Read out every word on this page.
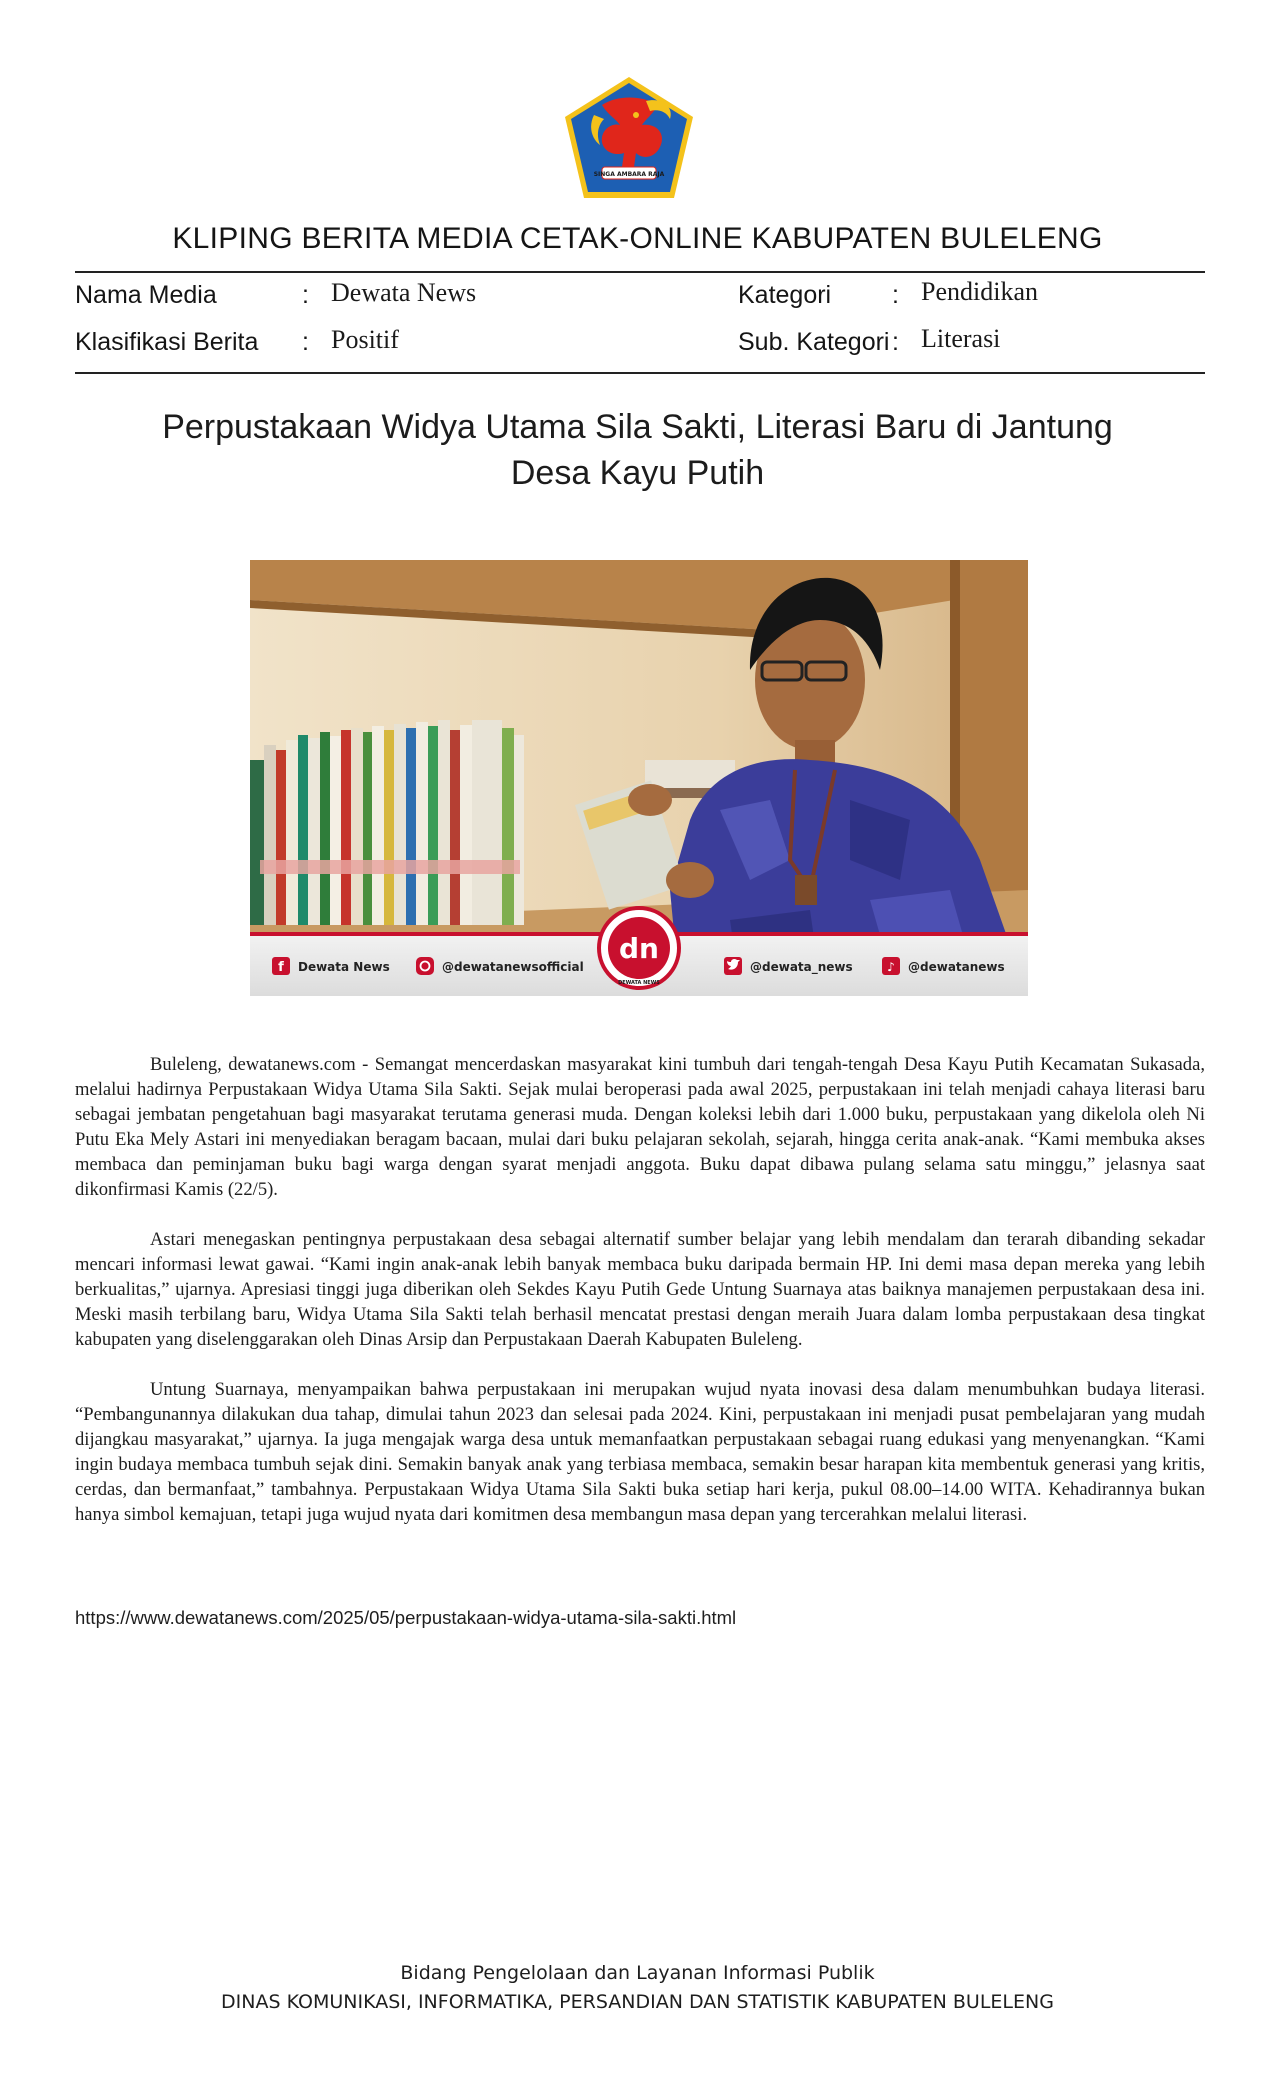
SINGA AMBARA RAJA
KLIPING BERITA MEDIA CETAK-ONLINE KABUPATEN BULELENG
Nama Media	: Dewata News	Kategori : Pendidikan
Klasifikasi Berita : Positif	Sub. Kategori : Literasi
Perpustakaan Widya Utama Sila Sakti, Literasi Baru di Jantung
Desa Kayu Putih
dn
DEWATA NEWS
f Dewata News	@dewatanewsofficial	@dewata_news	♪ @dewatanews

Buleleng, dewatanews.com - Semangat mencerdaskan masyarakat kini tumbuh dari tengah-tengah Desa Kayu Putih Kecamatan Sukasada, melalui hadirnya Perpustakaan Widya Utama Sila Sakti. Sejak mulai beroperasi pada awal 2025, perpustakaan ini telah menjadi cahaya literasi baru sebagai jembatan pengetahuan bagi masyarakat terutama generasi muda. Dengan koleksi lebih dari 1.000 buku, perpustakaan yang dikelola oleh Ni Putu Eka Mely Astari ini menyediakan beragam bacaan, mulai dari buku pelajaran sekolah, sejarah, hingga cerita anak-anak. “Kami membuka akses membaca dan peminjaman buku bagi warga dengan syarat menjadi anggota. Buku dapat dibawa pulang selama satu minggu,” jelasnya saat dikonfirmasi Kamis (22/5).

Astari menegaskan pentingnya perpustakaan desa sebagai alternatif sumber belajar yang lebih mendalam dan terarah dibanding sekadar mencari informasi lewat gawai. “Kami ingin anak-anak lebih banyak membaca buku daripada bermain HP. Ini demi masa depan mereka yang lebih berkualitas,” ujarnya. Apresiasi tinggi juga diberikan oleh Sekdes Kayu Putih Gede Untung Suarnaya atas baiknya manajemen perpustakaan desa ini. Meski masih terbilang baru, Widya Utama Sila Sakti telah berhasil mencatat prestasi dengan meraih Juara dalam lomba perpustakaan desa tingkat kabupaten yang diselenggarakan oleh Dinas Arsip dan Perpustakaan Daerah Kabupaten Buleleng.

Untung Suarnaya, menyampaikan bahwa perpustakaan ini merupakan wujud nyata inovasi desa dalam menumbuhkan budaya literasi. “Pembangunannya dilakukan dua tahap, dimulai tahun 2023 dan selesai pada 2024. Kini, perpustakaan ini menjadi pusat pembelajaran yang mudah dijangkau masyarakat,” ujarnya. Ia juga mengajak warga desa untuk memanfaatkan perpustakaan sebagai ruang edukasi yang menyenangkan. “Kami ingin budaya membaca tumbuh sejak dini. Semakin banyak anak yang terbiasa membaca, semakin besar harapan kita membentuk generasi yang kritis, cerdas, dan bermanfaat,” tambahnya. Perpustakaan Widya Utama Sila Sakti buka setiap hari kerja, pukul 08.00–14.00 WITA. Kehadirannya bukan hanya simbol kemajuan, tetapi juga wujud nyata dari komitmen desa membangun masa depan yang tercerahkan melalui literasi.

https://www.dewatanews.com/2025/05/perpustakaan-widya-utama-sila-sakti.html
Bidang Pengelolaan dan Layanan Informasi Publik
DINAS KOMUNIKASI, INFORMATIKA, PERSANDIAN DAN STATISTIK KABUPATEN BULELENG
